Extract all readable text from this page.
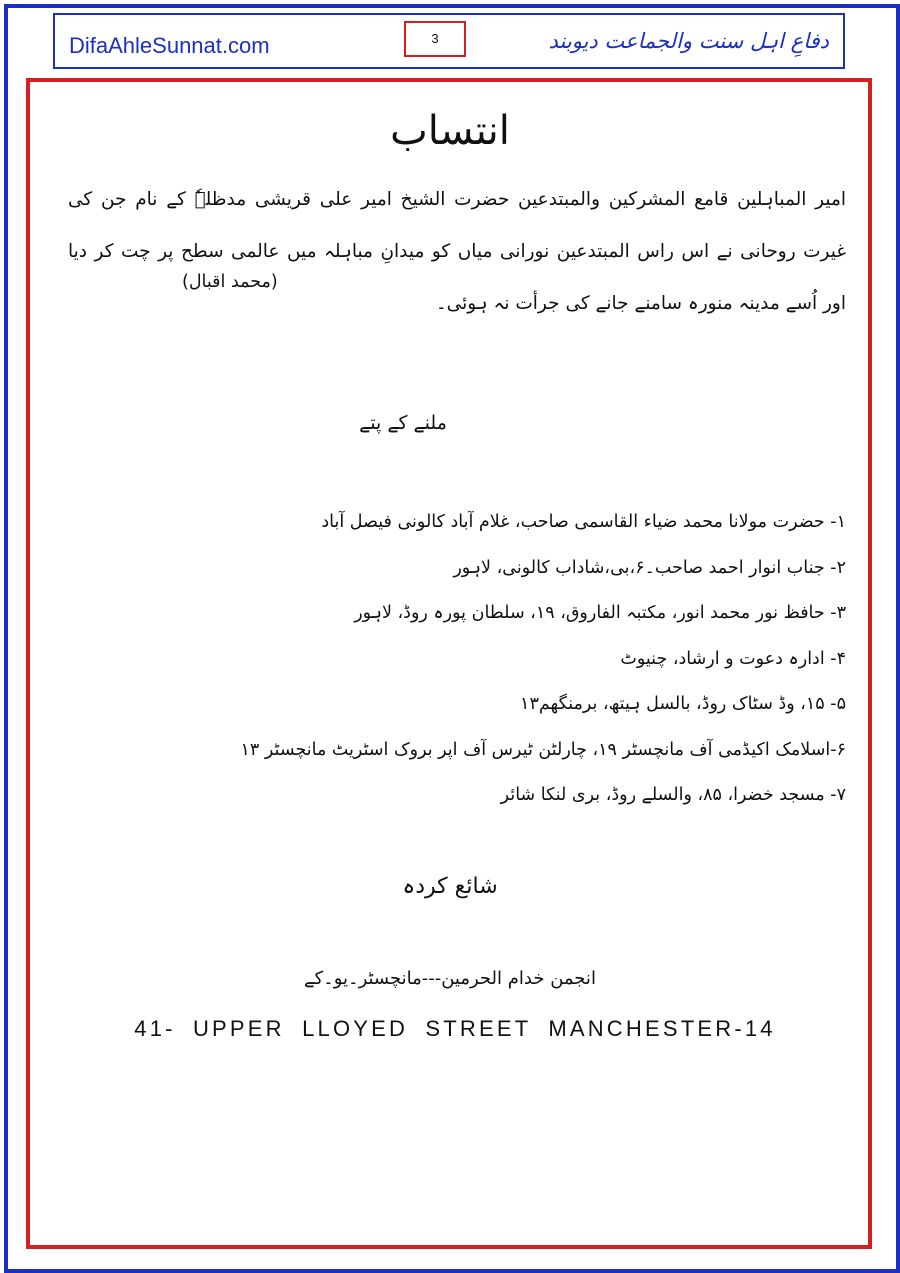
DifaAhleSunnat.com	3	دفاعِ اہل سنت والجماعت دیوبند
انتساب
امیر المباہلین قامع المشرکین والمبتدعین حضرت الشیخ امیر علی قریشی مدظلہٗ کے نام جن کی غیرت روحانی نے اس راس المبتدعین نورانی میاں کو میدانِ مباہلہ میں عالمی سطح پر چت کر دیا اور اُسے مدینہ منورہ سامنے جانے کی جرأت نہ ہوئی۔
(محمد اقبال)
ملنے کے پتے
۱- حضرت مولانا محمد ضیاء القاسمی صاحب، غلام آباد کالونی فیصل آباد
۲- جناب انوار احمد صاحب۔۶،بی،شاداب کالونی، لاہور
۳- حافظ نور محمد انور، مکتبہ الفاروق، ۱۹، سلطان پورہ روڈ، لاہور
۴- ادارہ دعوت و ارشاد، چنیوٹ
۵- ۱۵، وڈ سٹاک روڈ، بالسل ہیتھ، برمنگھم۱۳
۶-اسلامک اکیڈمی آف مانچسٹر ۱۹، چارلٹن ٹیرس آف اپر بروک اسٹریٹ مانچسٹر ۱۳
۷- مسجد خضرا، ۸۵، والسلے روڈ، بری لنکا شائر
شائع کردہ
انجمن خدام الحرمین---مانچسٹر۔یو۔کے
41- UPPER LLOYED STREET MANCHESTER-14
